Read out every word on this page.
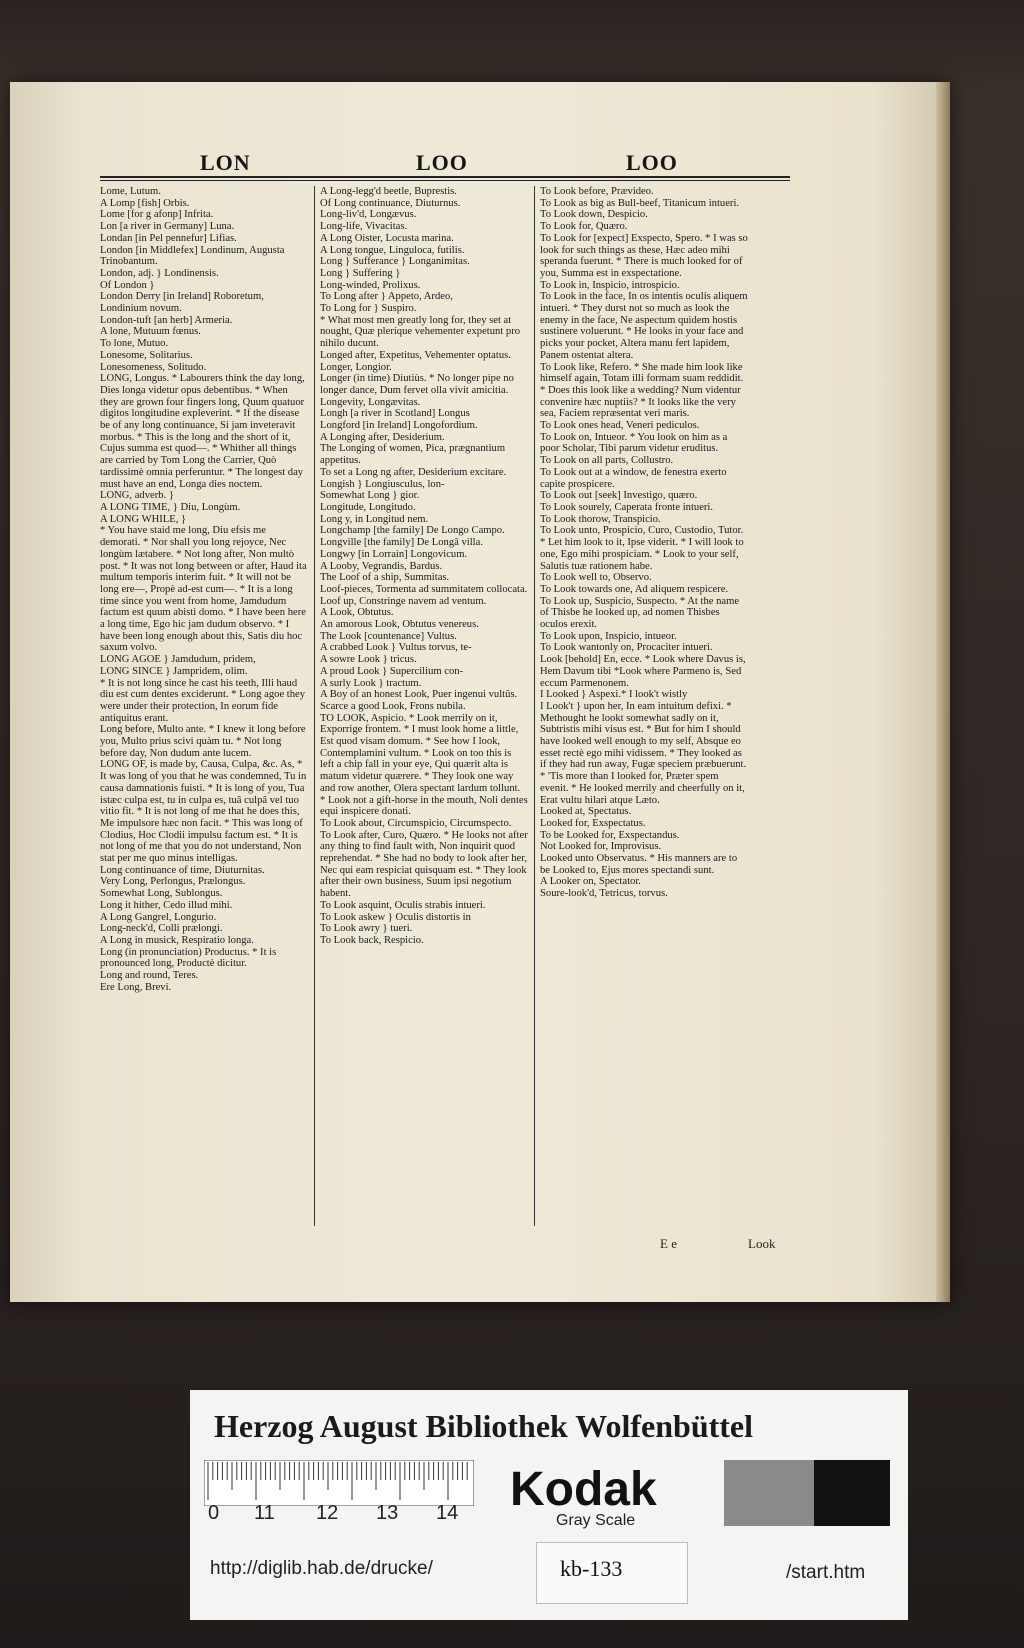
LON	LOO	LOO

Lome, Lutum.

A Lomp [fish] Orbis.

Lome [for g afonp] Infrita.

Lon [a river in Germany] Luna.

Londan [in Pel pennefur] Lifias.

London [in Middlefex] Londinum, Augusta Trinobantum.

London, adj. } Londinensis.

Of London }

London Derry [in Ireland] Roboretum, Londinium novum.

London-tuft [an herb] Armeria.

A lone, Mutuum fœnus.

To lone, Mutuo.

Lonesome, Solitarius.

Lonesomeness, Solitudo.

LONG, Longus. * Labourers think the day long, Dies longa videtur opus debentibus. * When they are grown four fingers long, Quum quatuor digitos longitudine expleverint. * If the disease be of any long continuance, Si jam inveteravit morbus. * This is the long and the short of it, Cujus summa est quod—. * Whither all things are carried by Tom Long the Carrier, Quò tardissimè omnia perferuntur. * The longest day must have an end, Longa dies noctem.

LONG, adverb. }

A LONG TIME, } Diu, Longùm.

A LONG WHILE, }

* You have staid me long, Diu efsis me demorati. * Nor shall you long rejoyce, Nec longùm lætabere. * Not long after, Non multò post. * It was not long between or after, Haud ita multum temporis interim fuit. * It will not be long ere—, Propè ad-est cum—. * It is a long time since you went from home, Jamdudum factum est quum abisti domo. * I have been here a long time, Ego hic jam dudum observo. * I have been long enough about this, Satis diu hoc saxum volvo.

LONG AGOE } Jamdudum, pridem,

LONG SINCE } Jampridem, olim.

* It is not long since he cast his teeth, Illi haud diu est cum dentes exciderunt. * Long agoe they were under their protection, In eorum fide antiquitus erant.

Long before, Multo ante. * I knew it long before you, Multo prius scivi quàm tu. * Not long before day, Non dudum ante lucem.

LONG OF, is made by, Causa, Culpa, &c. As, * It was long of you that he was condemned, Tu in causa damnationis fuisti. * It is long of you, Tua istæc culpa est, tu in culpa es, tuâ culpâ vel tuo vitio fit. * It is not long of me that he does this, Me impulsore hæc non facit. * This was long of Clodius, Hoc Clodii impulsu factum est. * It is not long of me that you do not understand, Non stat per me quo minus intelligas.

Long continuance of time, Diuturnitas.

Very Long, Perlongus, Prælongus.

Somewhat Long, Sublongus.

Long it hither, Cedo illud mihi.

A Long Gangrel, Longurio.

Long-neck'd, Colli prælongi.

A Long in musick, Respiratio longa.

Long (in pronunciation) Productus. * It is pronounced long, Productè dicitur.

Long and round, Teres.

Ere Long, Brevi.

A Long-legg'd beetle, Buprestis.

Of Long continuance, Diuturnus.

Long-liv'd, Longævus.

Long-life, Vivacitas.

A Long Oister, Locusta marina.

A Long tongue, Linguloca, futilis.

Long } Sufferance } Longanimitas.

Long } Suffering }

Long-winded, Prolixus.

To Long after } Appeto, Ardeo,

To Long for } Suspiro.

* What most men greatly long for, they set at nought, Quæ pleríque vehementer expetunt pro nihilo ducunt.

Longed after, Expetitus, Vehementer optatus.

Longer, Longior.

Longer (in time) Diutiùs. * No longer pipe no longer dance, Dum fervet olla vivit amicitia.

Longevity, Longævitas.

Longh [a river in Scotland] Longus

Longford [in Ireland] Longofordium.

A Longing after, Desiderium.

The Longing of women, Pica, prægnantium appetitus.

To set a Long ng after, Desiderium excitare.

Longish } Longiusculus, lon-

Somewhat Long } gior.

Longitude, Longitudo.

Long y, in Longitud nem.

Longchamp [the family] De Longo Campo.

Longville [the family] De Longâ villa.

Longwy [in Lorrain] Longovicum.

A Looby, Vegrandis, Bardus.

The Loof of a ship, Summitas.

Loof-pieces, Tormenta ad summitatem collocata.

Loof up, Constringe navem ad ventum.

A Look, Obtutus.

An amorous Look, Obtutus venereus.

The Look [countenance] Vultus.

A crabbed Look } Vultus torvus, te-

A sowre Look } tricus.

A proud Look } Supercilium con-

A surly Look } tractum.

A Boy of an honest Look, Puer ingenui vultûs.

Scarce a good Look, Frons nubila.

TO LOOK, Aspicio. * Look merrily on it, Exporrige frontem. * I must look home a little, Est quod visam domum. * See how I look, Contemplamini vultum. * Look on too this is left a chip fall in your eye, Qui quærit alta is matum videtur quærere. * They look one way and row another, Olera spectant lardum tollunt. * Look not a gift-horse in the mouth, Noli dentes equi inspicere donati.

To Look about, Circumspicio, Circumspecto.

To Look after, Curo, Quæro. * He looks not after any thing to find fault with, Non inquirit quod reprehendat. * She had no body to look after her, Nec qui eam respiciat quisquam est. * They look after their own business, Suum ipsi negotium habent.

To Look asquint, Oculis strabis intueri.

To Look askew } Oculis distortis in

To Look awry } tueri.

To Look back, Respicio.

To Look before, Prævideo.

To Look as big as Bull-beef, Titanicum intueri.

To Look down, Despicio.

To Look for, Quæro.

To Look for [expect] Exspecto, Spero. * I was so look for such things as these, Hæc adeo mihi speranda fuerunt. * There is much looked for of you, Summa est in exspectatione.

To Look in, Inspicio, introspicio.

To Look in the face, In os intentis oculis aliquem intueri. * They durst not so much as look the enemy in the face, Ne aspectum quidem hostis sustinere voluerunt. * He looks in your face and picks your pocket, Altera manu fert lapidem, Panem ostentat altera.

To Look like, Refero. * She made him look like himself again, Totam illi formam suam reddidit. * Does this look like a wedding? Num videntur convenire hæc nuptiis? * It looks like the very sea, Faciem repræsentat veri maris.

To Look ones head, Veneri pediculos.

To Look on, Intueor. * You look on him as a poor Scholar, Tibi parum videtur eruditus.

To Look on all parts, Collustro.

To Look out at a window, de fenestra exerto capite prospicere.

To Look out [seek] Investigo, quæro.

To Look sourely, Caperata fronte intueri.

To Look thorow, Transpicio.

To Look unto, Prospicio, Curo, Custodio, Tutor. * Let him look to it, Ipse viderit. * I will look to one, Ego mihi prospiciam. * Look to your self, Salutis tuæ rationem habe.

To Look well to, Observo.

To Look towards one, Ad aliquem respicere.

To Look up, Suspicio, Suspecto. * At the name of Thisbe he looked up, ad nomen Thisbes oculos erexit.

To Look upon, Inspicio, intueor.

To Look wantonly on, Procaciter intueri.

Look [behold] En, ecce. * Look where Davus is, Hem Davum tibi *Look where Parmeno is, Sed eccum Parmenonem.

I Looked } Aspexi.* I look't wistly

I Look't } upon her, In eam intuitum defixi. * Methought he lookt somewhat sadly on it, Subtristis mihi visus est. * But for him I should have looked well enough to my self, Absque eo esset rectè ego mihi vidissem. * They looked as if they had run away, Fugæ speciem præbuerunt. * 'Tis more than I looked for, Præter spem evenit. * He looked merrily and cheerfully on it, Erat vultu hilari atque Læto.

Looked at, Spectatus.

Looked for, Exspectatus.

To be Looked for, Exspectandus.

Not Looked for, Improvisus.

Looked unto Observatus. * His manners are to be Looked to, Ejus mores spectandi sunt.

A Looker on, Spectator.

Soure-look'd, Tetricus, torvus.

E e	Look
Herzog August Bibliothek Wolfenbüttel
0 11 12 13 14 Kodak
Gray Scale
http://diglib.hab.de/drucke/	kb-133	/start.htm
